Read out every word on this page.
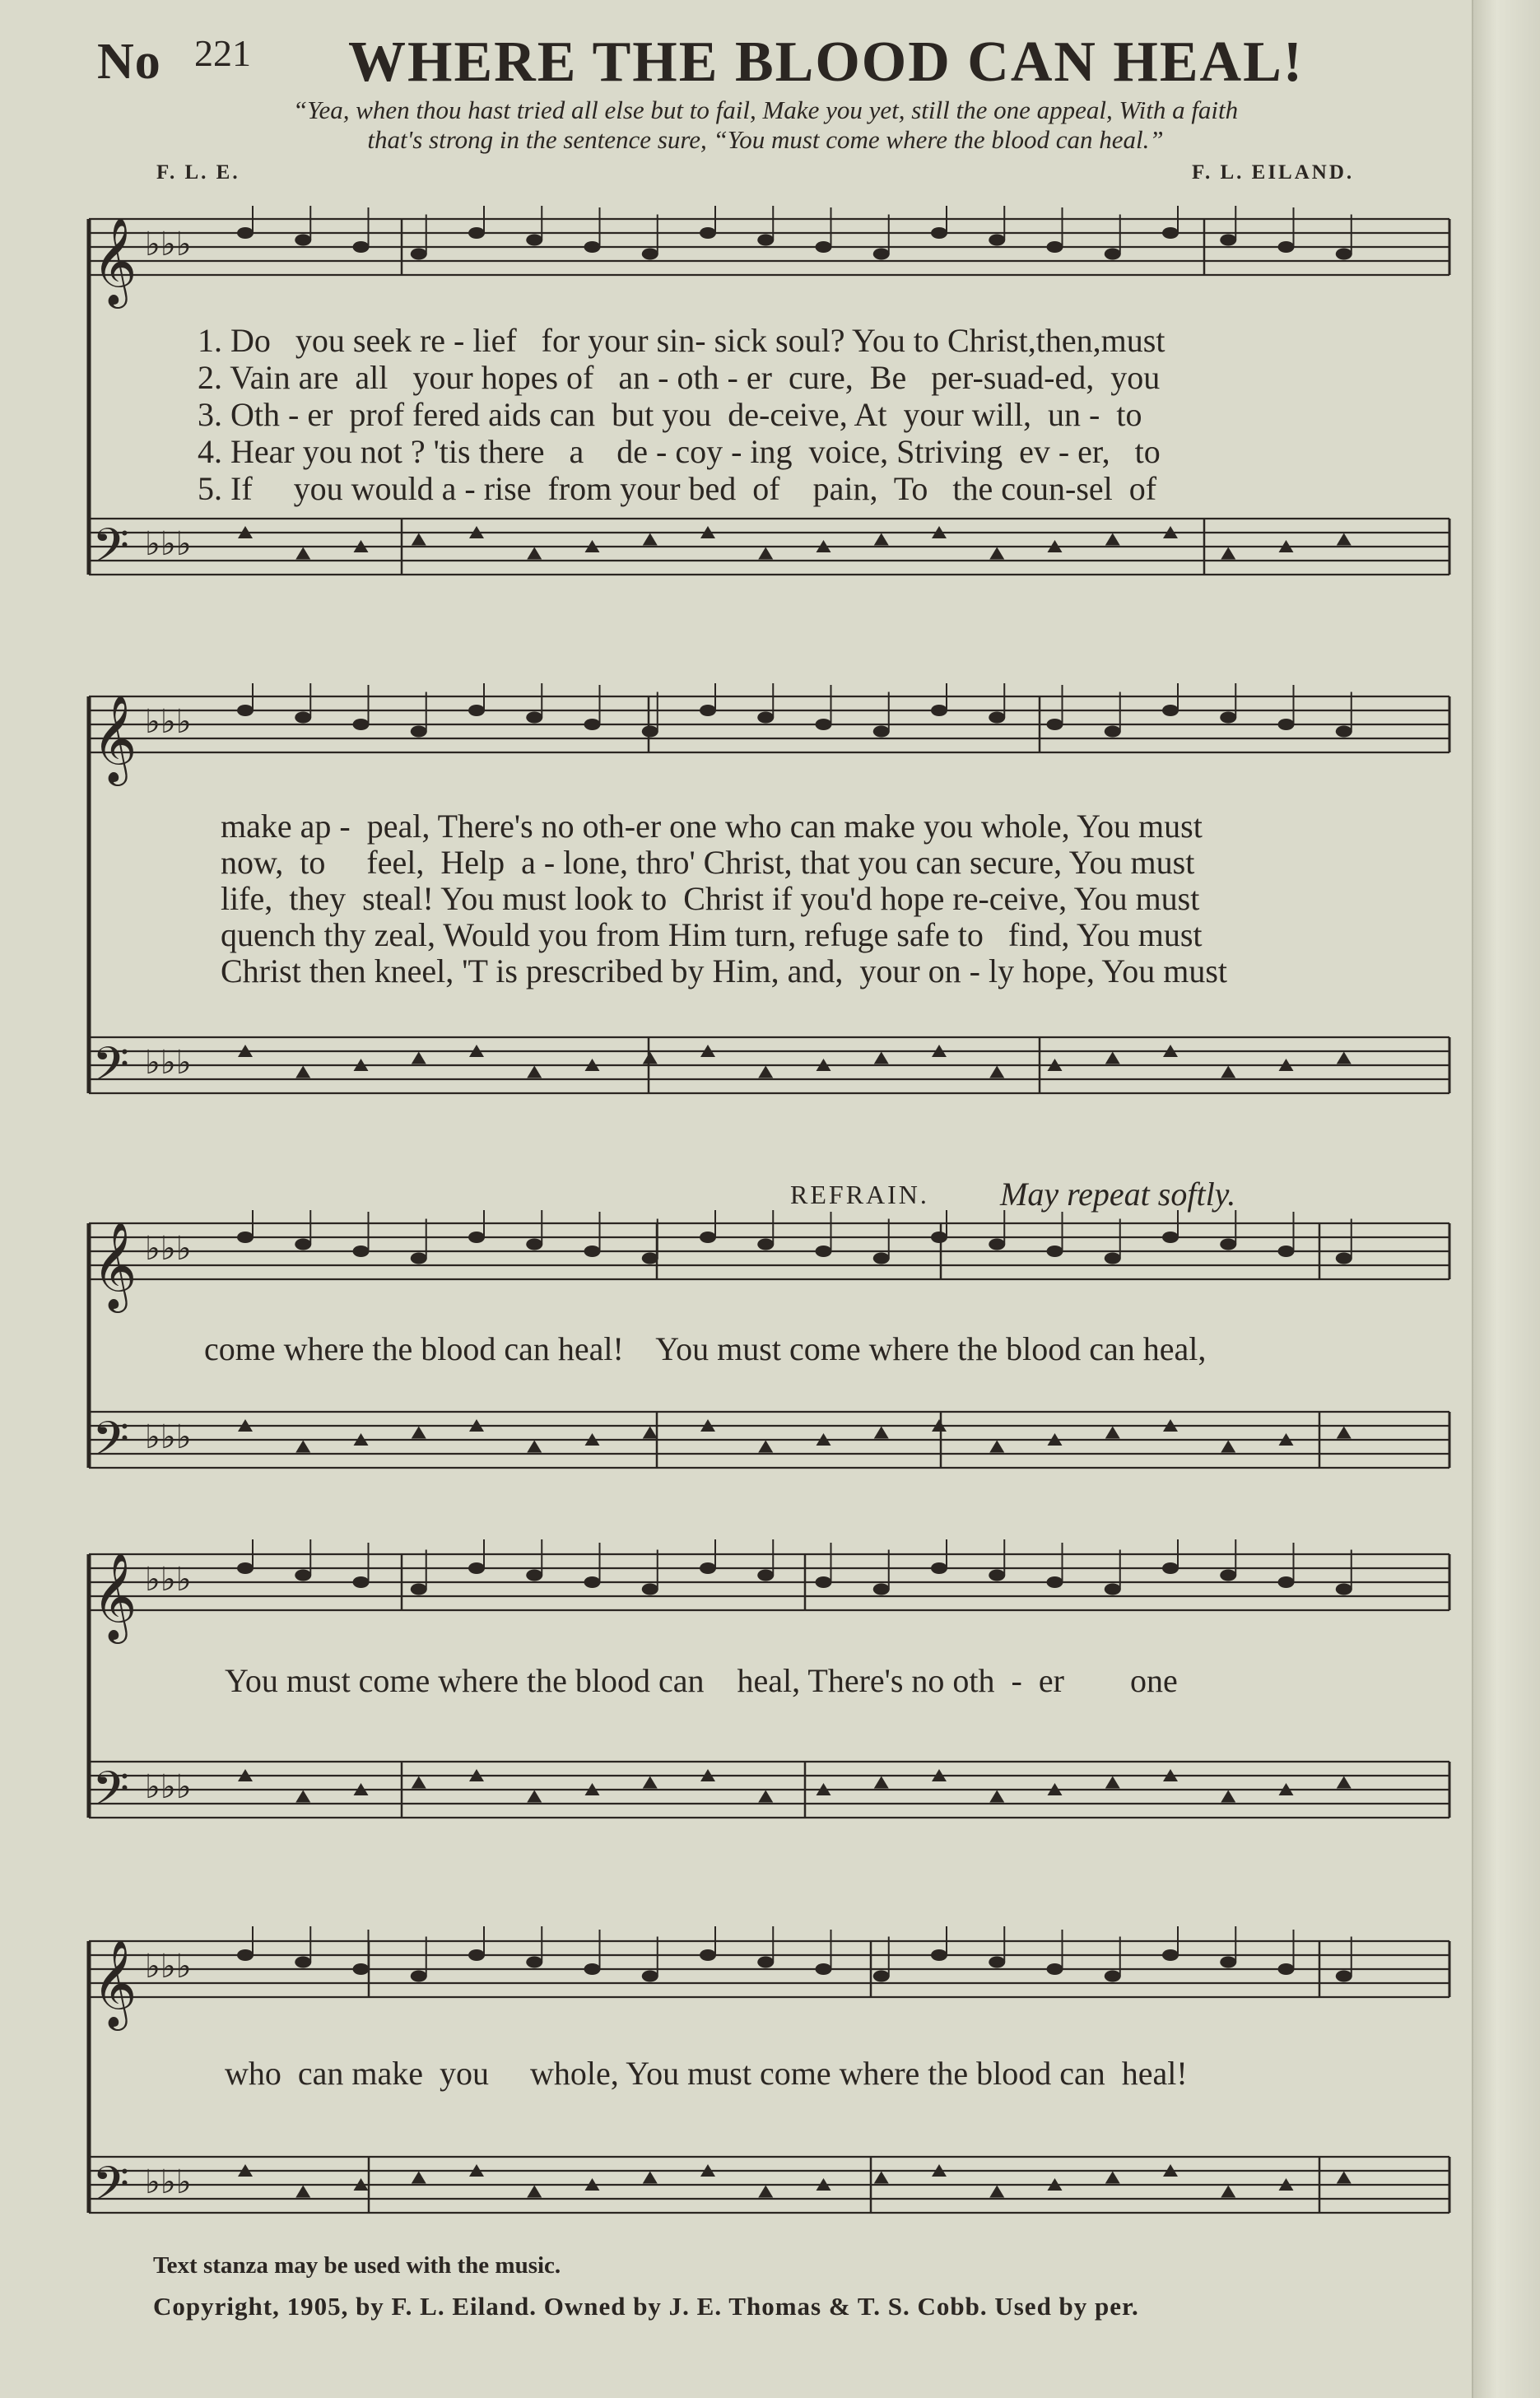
No 221 WHERE THE BLOOD CAN HEAL!
“Yea, when thou hast tried all else but to fail, Make you yet, still the one appeal, With a faith
that's strong in the sentence sure, “You must come where the blood can heal.”
F. L. E.	F. L. EILAND.
𝄞 ♭♭♭
𝄢 ♭♭♭
1. Do   you seek re - lief   for your sin- sick soul? You to Christ,then,must
2. Vain are  all   your hopes of   an - oth - er  cure,  Be   per-suad-ed,  you
3. Oth - er  prof fered aids can  but you  de-ceive, At  your will,  un -  to
4. Hear you not ? 'tis there   a    de - coy - ing  voice, Striving  ev - er,   to
5. If     you would a - rise  from your bed  of    pain,  To   the coun-sel  of
𝄞 ♭♭♭
𝄢 ♭♭♭
make ap -  peal, There's no oth-er one who can make you whole, You must
now,  to     feel,  Help  a - lone, thro' Christ, that you can secure, You must
life,  they  steal! You must look to  Christ if you'd hope re-ceive, You must
quench thy zeal, Would you from Him turn, refuge safe to   find, You must
Christ then kneel, 'T is prescribed by Him, and,  your on - ly hope, You must
REFRAIN. May repeat softly.
𝄞 ♭♭♭
𝄢 ♭♭♭
come where the blood can heal!    You must come where the blood can heal,
𝄞 ♭♭♭
𝄢 ♭♭♭
You must come where the blood can    heal, There's no oth  -  er        one
𝄞 ♭♭♭
𝄢 ♭♭♭
who  can make  you     whole, You must come where the blood can  heal!
Text stanza may be used with the music.
Copyright, 1905, by F. L. Eiland. Owned by J. E. Thomas & T. S. Cobb. Used by per.
